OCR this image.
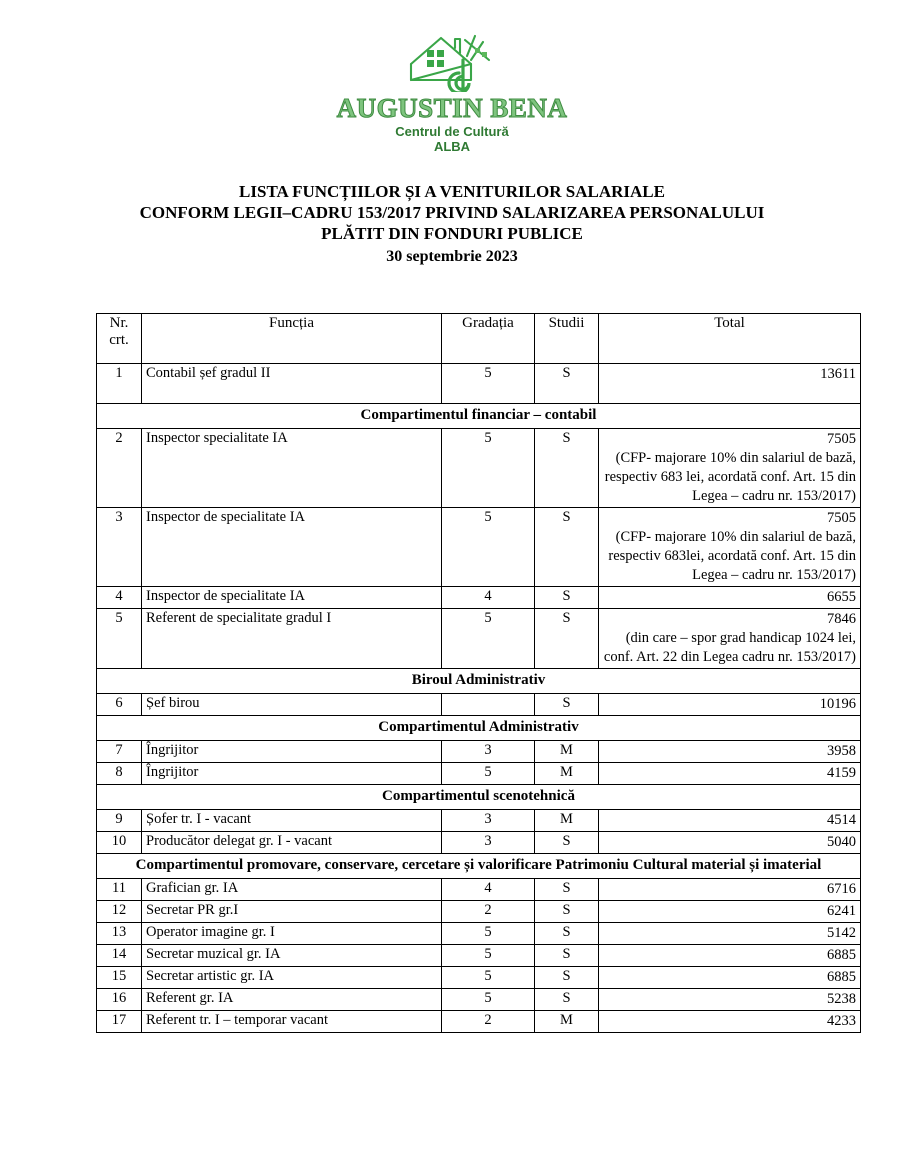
AUGUSTIN BENA
Centrul de Cultură
ALBA
LISTA FUNCȚIILOR ȘI A VENITURILOR SALARIALE
CONFORM LEGII–CADRU 153/2017 PRIVIND SALARIZAREA PERSONALULUI
PLĂTIT DIN FONDURI PUBLICE
30 septembrie 2023
Nr.
crt.	Funcția	Gradația	Studii	Total
1	Contabil șef gradul II	5	S	13611
Compartimentul financiar – contabil				
2	Inspector specialitate IA	5	S	7505
(CFP- majorare 10% din salariul de bază, respectiv 683 lei, acordată conf. Art. 15 din Legea – cadru nr. 153/2017)

3	Inspector de specialitate IA	5	S	7505
(CFP- majorare 10% din salariul de bază, respectiv 683lei, acordată conf. Art. 15 din Legea – cadru nr. 153/2017)

4	Inspector de specialitate IA	4	S	6655
5	Referent de specialitate gradul I	5	S	7846
(din care – spor grad handicap 1024 lei, conf. Art. 22 din Legea cadru nr. 153/2017)

Biroul Administrativ				
6	Șef birou		S	10196
Compartimentul Administrativ				
7	Îngrijitor	3	M	3958
8	Îngrijitor	5	M	4159
Compartimentul scenotehnică				
9	Șofer tr. I - vacant	3	M	4514
10	Producător delegat gr. I - vacant	3	S	5040
Compartimentul promovare, conservare, cercetare și valorificare Patrimoniu Cultural material și imaterial				
11	Grafician gr. IA	4	S	6716
12	Secretar PR gr.I	2	S	6241
13	Operator imagine gr. I	5	S	5142
14	Secretar muzical gr. IA	5	S	6885
15	Secretar artistic gr. IA	5	S	6885
16	Referent gr. IA	5	S	5238
17	Referent tr. I – temporar vacant	2	M	4233
